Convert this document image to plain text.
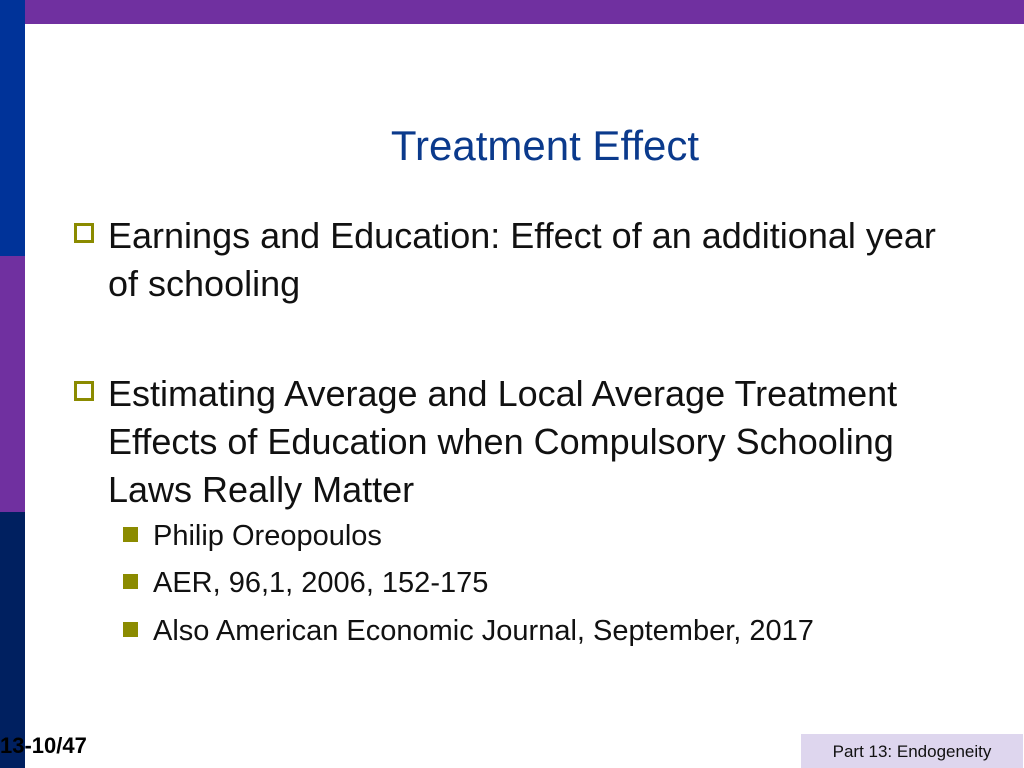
Treatment Effect
Earnings and Education: Effect of an additional year of schooling
Estimating Average and Local Average Treatment Effects of Education when Compulsory Schooling Laws Really Matter
Philip Oreopoulos
AER, 96,1, 2006, 152-175
Also American Economic Journal, September, 2017
13-10/47	Part 13: Endogeneity
